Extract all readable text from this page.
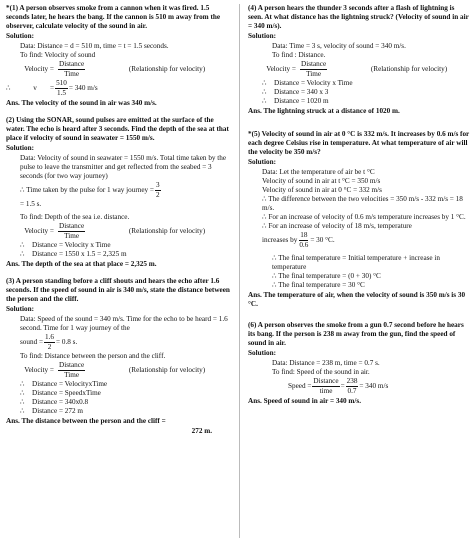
*(1) A person observes smoke from a cannon when it was fired. 1.5 seconds later, he hears the bang. If the cannon is 510 m away from the observer, calculate velocity of the sound in air.

Solution:

Data: Distance = d = 510 m, time = t = 1.5 seconds.

To find: Velocity of sound

Velocity = $\frac{\text{Distance}}{\text{Time}}$	(Relationship for velocity)
∴	v	= $\frac{510}{1.5} = 340$ m/s

Ans. The velocity of the sound in air was 340 m/s.

(2) Using the SONAR, sound pulses are emitted at the surface of the water. The echo is heard after 3 seconds. Find the depth of the sea at that place if velocity of sound in seawater = 1550 m/s.

Solution:

Data: Velocity of sound in seawater = 1550 m/s. Total time taken by the pulse to leave the transmitter and get reflected from the seabed = 3 seconds (for two way journey)

∴ Time taken by the pulse for 1 way journey = $\frac{3}{2}$

= 1.5 s.

To find: Depth of the sea i.e. distance.

Velocity = $\frac{\text{Distance}}{\text{Time}}$	(Relationship for velocity)

∴ Distance = Velocity x Time

∴ Distance = 1550 x 1.5 = 2,325 m

Ans. The depth of the sea at that place = 2,325 m.

(3) A person standing before a cliff shouts and hears the echo after 1.6 seconds. If the speed of sound in air is 340 m/s, state the distance between the person and the cliff.

Solution:

Data: Speed of the sound = 340 m/s. Time for the echo to be heard = 1.6 second. Time for 1 way journey of the

sound = $\frac{1.6}{2} = 0.8$ s.

To find: Distance between the person and the cliff.

Velocity = $\frac{\text{Distance}}{\text{Time}}$	(Relationship for velocity)

∴ Distance = VelocityxTime

∴ Distance = SpeedxTime

∴ Distance = 340x0.8

∴ Distance = 272 m

Ans. The distance between the person and the cliff =

272 m.

(4) A person hears the thunder 3 seconds after a flash of lightning is seen. At what distance has the lightning struck? (Velocity of sound in air = 340 m/s).

Solution:

Data: Time = 3 s, velocity of sound = 340 m/s.

To find : Distance.

Velocity = $\frac{\text{Distance}}{\text{Time}}$	(Relationship for velocity)

∴ Distance = Velocity x Time

∴ Distance = 340 x 3

∴ Distance = 1020 m

Ans. The lightning struck at a distance of 1020 m.

*(5) Velocity of sound in air at 0 °C is 332 m/s. It increases by 0.6 m/s for each degree Celsius rise in temperature. At what temperature of air will the velocity be 350 m/s?

Solution:

Data: Let the temperature of air be t °C

Velocity of sound in air at t °C = 350 m/s

Velocity of sound in air at 0 °C = 332 m/s

∴ The difference between the two velocities = 350 m/s - 332 m/s = 18 m/s.

∴ For an increase of velocity of 0.6 m/s temperature increases by 1 °C.

∴ For an increase of velocity of 18 m/s, temperature

increases by $\frac{18}{0.6} = 30$ °C.

∴ The final temperature = Initial temperature + increase in temperature

∴ The final temperature = (0 + 30) °C

∴ The final temperature = 30 °C

Ans. The temperature of air, when the velocity of sound is 350 m/s is 30 °C.

(6) A person observes the smoke from a gun 0.7 second before he hears its bang. If the person is 238 m away from the gun, find the speed of sound in air.

Solution:

Data: Distance = 238 m, time = 0.7 s.

To find: Speed of the sound in air.

Speed = $\frac{\text{Distance}}{\text{time}} = \frac{238}{0.7} = 340$ m/s

Ans. Speed of sound in air = 340 m/s.
